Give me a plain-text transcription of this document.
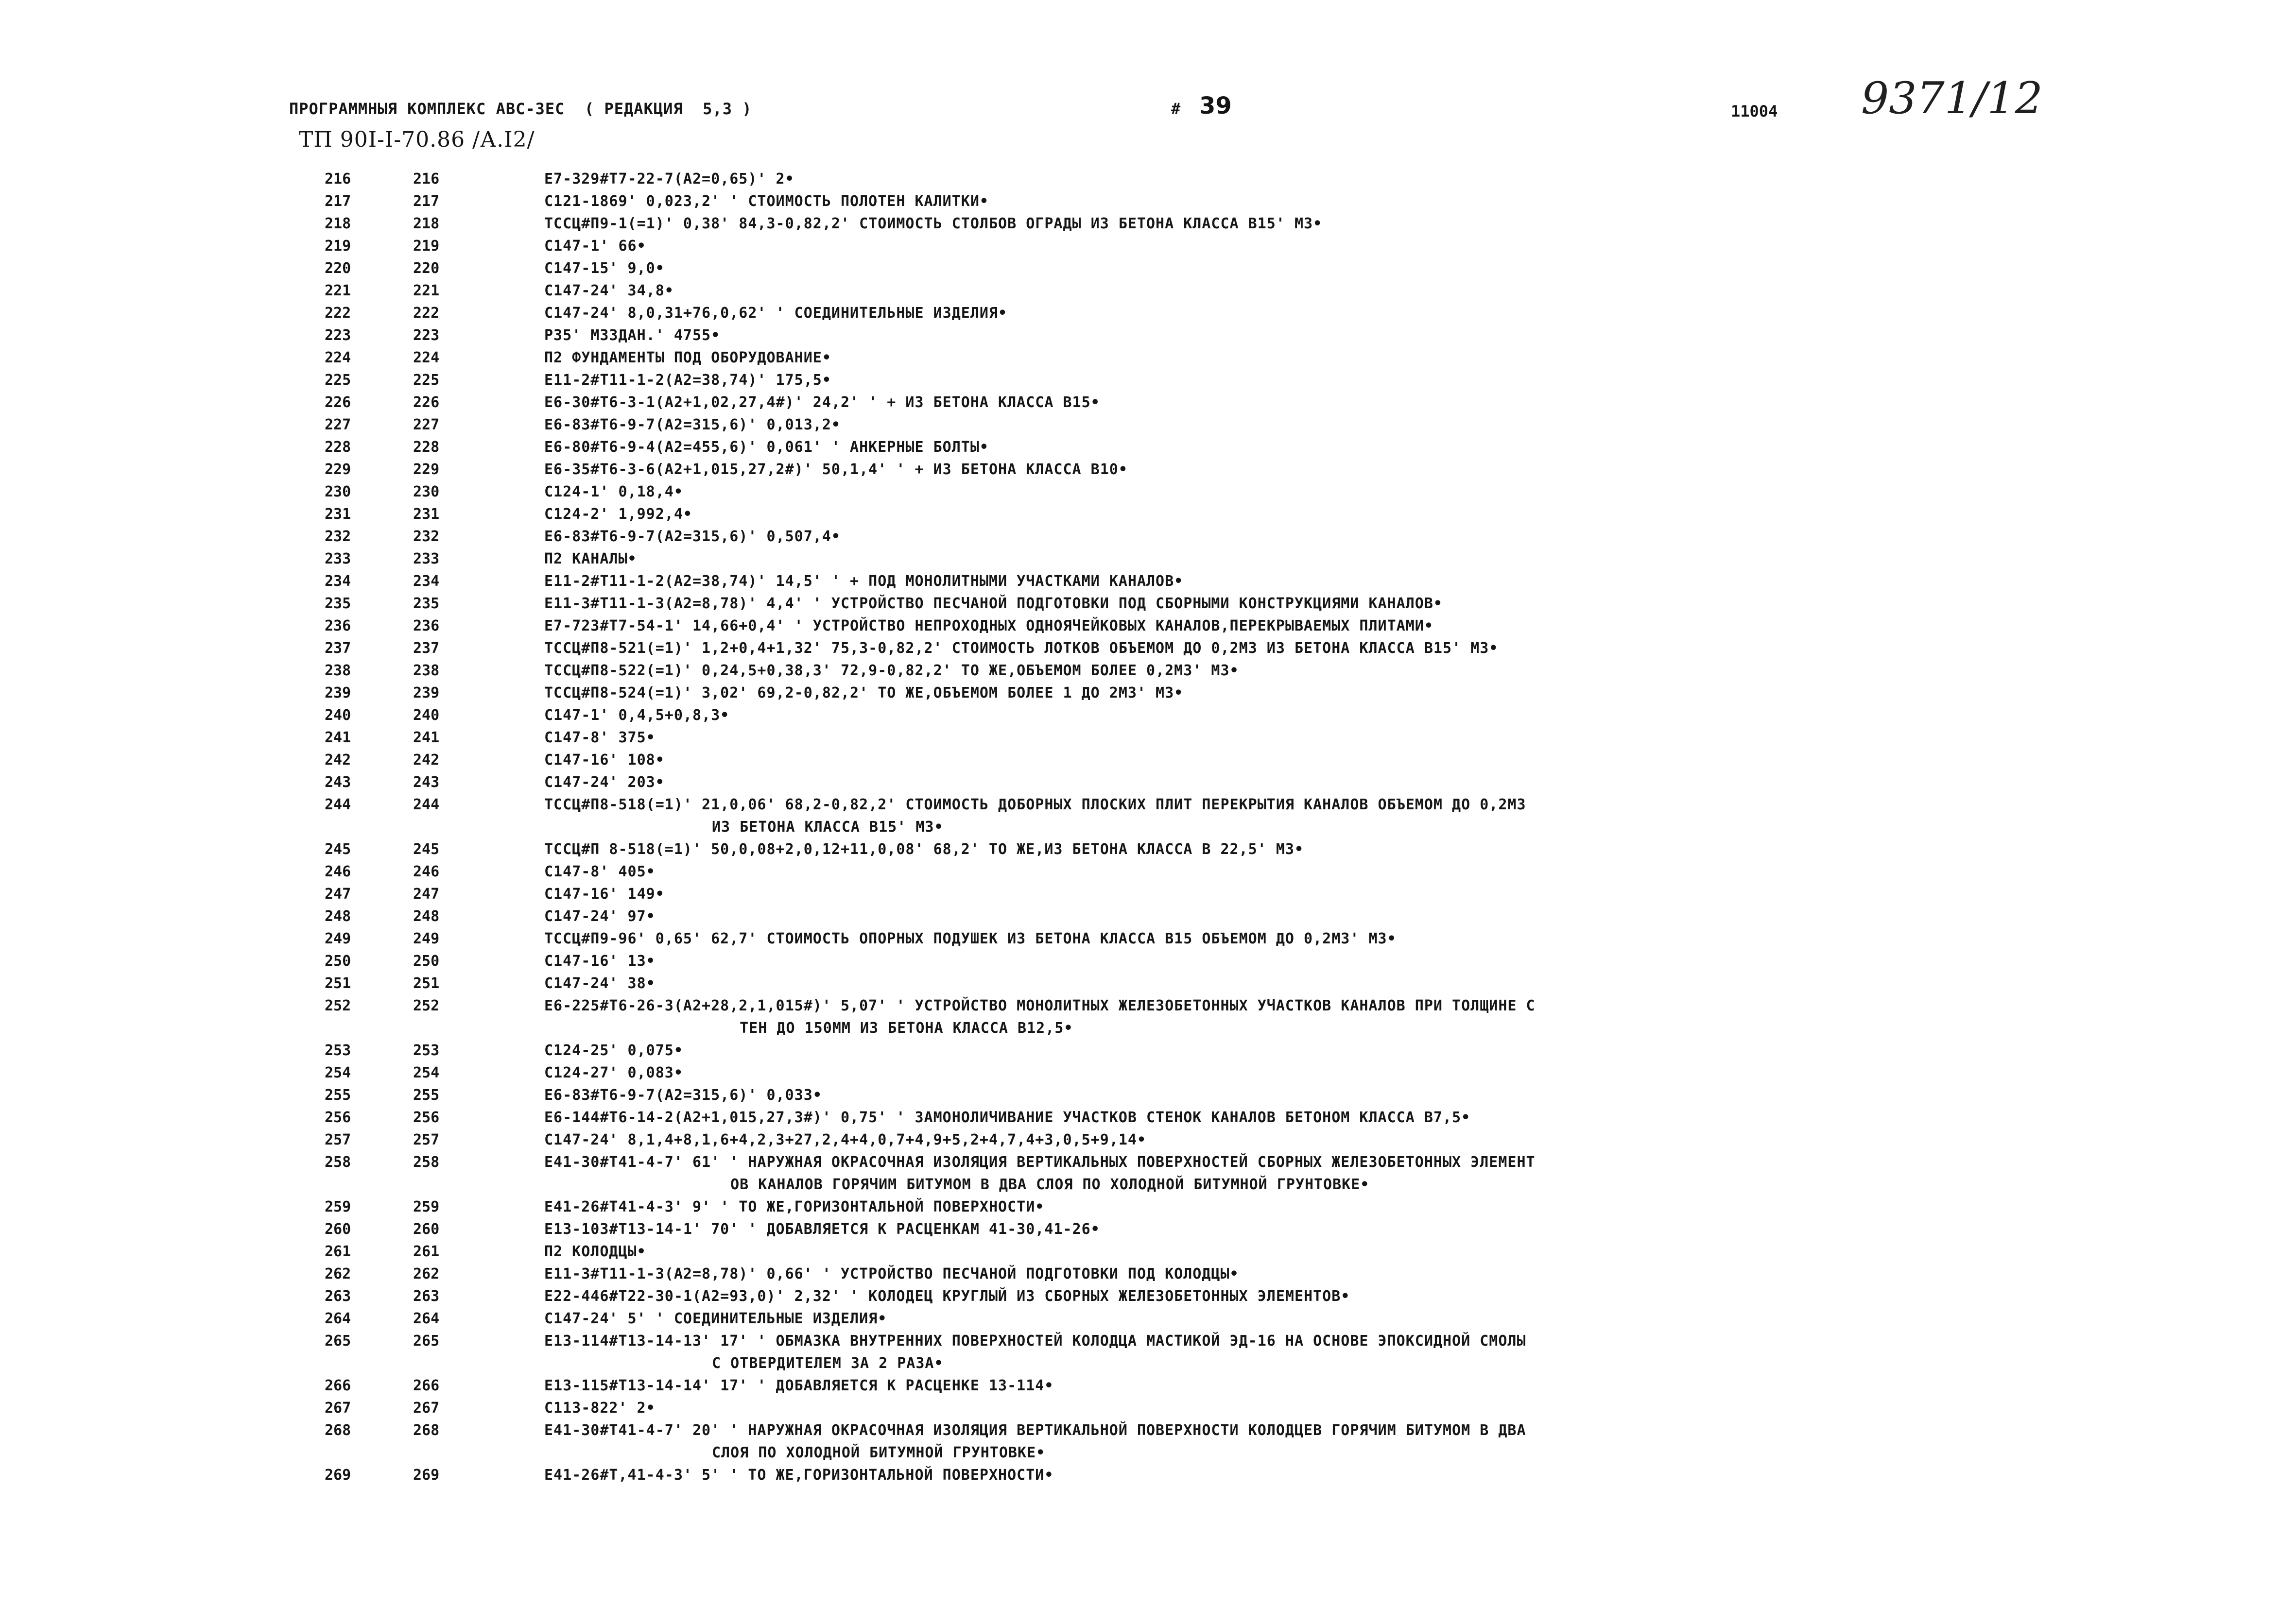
ПРОГРАММНЫЯ КОМПЛЕКС АВС-ЗЕС  ( РЕДАКЦИЯ  5,3 )
ТП 90I-I-70.86 /А.I2/
# 39	11004 9371/12
216	216	Е7-329#Т7-22-7(А2=0,65)' 2•
217	217	С121-1869' 0,023,2' ' СТОИМОСТЬ ПОЛОТЕН КАЛИТКИ•
218	218	ТССЦ#П9-1(=1)' 0,38' 84,3-0,82,2' СТОИМОСТЬ СТОЛБОВ ОГРАДЫ ИЗ БЕТОНА КЛАССА В15' М3•
219	219	С147-1' 66•
220	220	С147-15' 9,0•
221	221	С147-24' 34,8•
222	222	С147-24' 8,0,31+76,0,62' ' СОЕДИНИТЕЛЬНЫЕ ИЗДЕЛИЯ•
223	223	Р35' М33ДАН.' 4755•
224	224	П2 ФУНДАМЕНТЫ ПОД ОБОРУДОВАНИЕ•
225	225	Е11-2#Т11-1-2(А2=38,74)' 175,5•
226	226	Е6-30#Т6-3-1(А2+1,02,27,4#)' 24,2' ' + ИЗ БЕТОНА КЛАССА В15•
227	227	Е6-83#Т6-9-7(А2=315,6)' 0,013,2•
228	228	Е6-80#Т6-9-4(А2=455,6)' 0,061' ' АНКЕРНЫЕ БОЛТЫ•
229	229	Е6-35#Т6-3-6(А2+1,015,27,2#)' 50,1,4' ' + ИЗ БЕТОНА КЛАССА В10•
230	230	С124-1' 0,18,4•
231	231	С124-2' 1,992,4•
232	232	Е6-83#Т6-9-7(А2=315,6)' 0,507,4•
233	233	П2 КАНАЛЫ•
234	234	Е11-2#Т11-1-2(А2=38,74)' 14,5' ' + ПОД МОНОЛИТНЫМИ УЧАСТКАМИ КАНАЛОВ•
235	235	Е11-3#Т11-1-3(А2=8,78)' 4,4' ' УСТРОЙСТВО ПЕСЧАНОЙ ПОДГОТОВКИ ПОД СБОРНЫМИ КОНСТРУКЦИЯМИ КАНАЛОВ•
236	236	Е7-723#Т7-54-1' 14,66+0,4' ' УСТРОЙСТВО НЕПРОХОДНЫХ ОДНОЯЧЕЙКОВЫХ КАНАЛОВ,ПЕРЕКРЫВАЕМЫХ ПЛИТАМИ•
237	237	ТССЦ#П8-521(=1)' 1,2+0,4+1,32' 75,3-0,82,2' СТОИМОСТЬ ЛОТКОВ ОБЪЕМОМ ДО 0,2М3 ИЗ БЕТОНА КЛАССА В15' М3•
238	238	ТССЦ#П8-522(=1)' 0,24,5+0,38,3' 72,9-0,82,2' ТО ЖЕ,ОБЪЕМОМ БОЛЕЕ 0,2М3' М3•
239	239	ТССЦ#П8-524(=1)' 3,02' 69,2-0,82,2' ТО ЖЕ,ОБЪЕМОМ БОЛЕЕ 1 ДО 2М3' М3•
240	240	С147-1' 0,4,5+0,8,3•
241	241	С147-8' 375•
242	242	С147-16' 108•
243	243	С147-24' 203•
244	244	ТССЦ#П8-518(=1)' 21,0,06' 68,2-0,82,2' СТОИМОСТЬ ДОБОРНЫХ ПЛОСКИХ ПЛИТ ПЕРЕКРЫТИЯ КАНАЛОВ ОБЪЕМОМ ДО 0,2М3
ИЗ БЕТОНА КЛАССА В15' М3•
245	245	ТССЦ#П 8-518(=1)' 50,0,08+2,0,12+11,0,08' 68,2' ТО ЖЕ,ИЗ БЕТОНА КЛАССА В 22,5' М3•
246	246	С147-8' 405•
247	247	С147-16' 149•
248	248	С147-24' 97•
249	249	ТССЦ#П9-96' 0,65' 62,7' СТОИМОСТЬ ОПОРНЫХ ПОДУШЕК ИЗ БЕТОНА КЛАССА В15 ОБЪЕМОМ ДО 0,2М3' М3•
250	250	С147-16' 13•
251	251	С147-24' 38•
252	252	Е6-225#Т6-26-3(А2+28,2,1,015#)' 5,07' ' УСТРОЙСТВО МОНОЛИТНЫХ ЖЕЛЕЗОБЕТОННЫХ УЧАСТКОВ КАНАЛОВ ПРИ ТОЛЩИНЕ С
ТЕН ДО 150ММ ИЗ БЕТОНА КЛАССА В12,5•
253	253	С124-25' 0,075•
254	254	С124-27' 0,083•
255	255	Е6-83#Т6-9-7(А2=315,6)' 0,033•
256	256	Е6-144#Т6-14-2(А2+1,015,27,3#)' 0,75' ' ЗАМОНОЛИЧИВАНИЕ УЧАСТКОВ СТЕНОК КАНАЛОВ БЕТОНОМ КЛАССА В7,5•
257	257	С147-24' 8,1,4+8,1,6+4,2,3+27,2,4+4,0,7+4,9+5,2+4,7,4+3,0,5+9,14•
258	258	Е41-30#Т41-4-7' 61' ' НАРУЖНАЯ ОКРАСОЧНАЯ ИЗОЛЯЦИЯ ВЕРТИКАЛЬНЫХ ПОВЕРХНОСТЕЙ СБОРНЫХ ЖЕЛЕЗОБЕТОННЫХ ЭЛЕМЕНТ
ОВ КАНАЛОВ ГОРЯЧИМ БИТУМОМ В ДВА СЛОЯ ПО ХОЛОДНОЙ БИТУМНОЙ ГРУНТОВКЕ•
259	259	Е41-26#Т41-4-3' 9' ' ТО ЖЕ,ГОРИЗОНТАЛЬНОЙ ПОВЕРХНОСТИ•
260	260	Е13-103#Т13-14-1' 70' ' ДОБАВЛЯЕТСЯ К РАСЦЕНКАМ 41-30,41-26•
261	261	П2 КОЛОДЦЫ•
262	262	Е11-3#Т11-1-3(А2=8,78)' 0,66' ' УСТРОЙСТВО ПЕСЧАНОЙ ПОДГОТОВКИ ПОД КОЛОДЦЫ•
263	263	Е22-446#Т22-30-1(А2=93,0)' 2,32' ' КОЛОДЕЦ КРУГЛЫЙ ИЗ СБОРНЫХ ЖЕЛЕЗОБЕТОННЫХ ЭЛЕМЕНТОВ•
264	264	С147-24' 5' ' СОЕДИНИТЕЛЬНЫЕ ИЗДЕЛИЯ•
265	265	Е13-114#Т13-14-13' 17' ' ОБМАЗКА ВНУТРЕННИХ ПОВЕРХНОСТЕЙ КОЛОДЦА МАСТИКОЙ ЭД-16 НА ОСНОВЕ ЭПОКСИДНОЙ СМОЛЫ
С ОТВЕРДИТЕЛЕМ ЗА 2 РАЗА•
266	266	Е13-115#Т13-14-14' 17' ' ДОБАВЛЯЕТСЯ К РАСЦЕНКЕ 13-114•
267	267	С113-822' 2•
268	268	Е41-30#Т41-4-7' 20' ' НАРУЖНАЯ ОКРАСОЧНАЯ ИЗОЛЯЦИЯ ВЕРТИКАЛЬНОЙ ПОВЕРХНОСТИ КОЛОДЦЕВ ГОРЯЧИМ БИТУМОМ В ДВА
СЛОЯ ПО ХОЛОДНОЙ БИТУМНОЙ ГРУНТОВКЕ•
269	269	Е41-26#Т,41-4-3' 5' ' ТО ЖЕ,ГОРИЗОНТАЛЬНОЙ ПОВЕРХНОСТИ•
